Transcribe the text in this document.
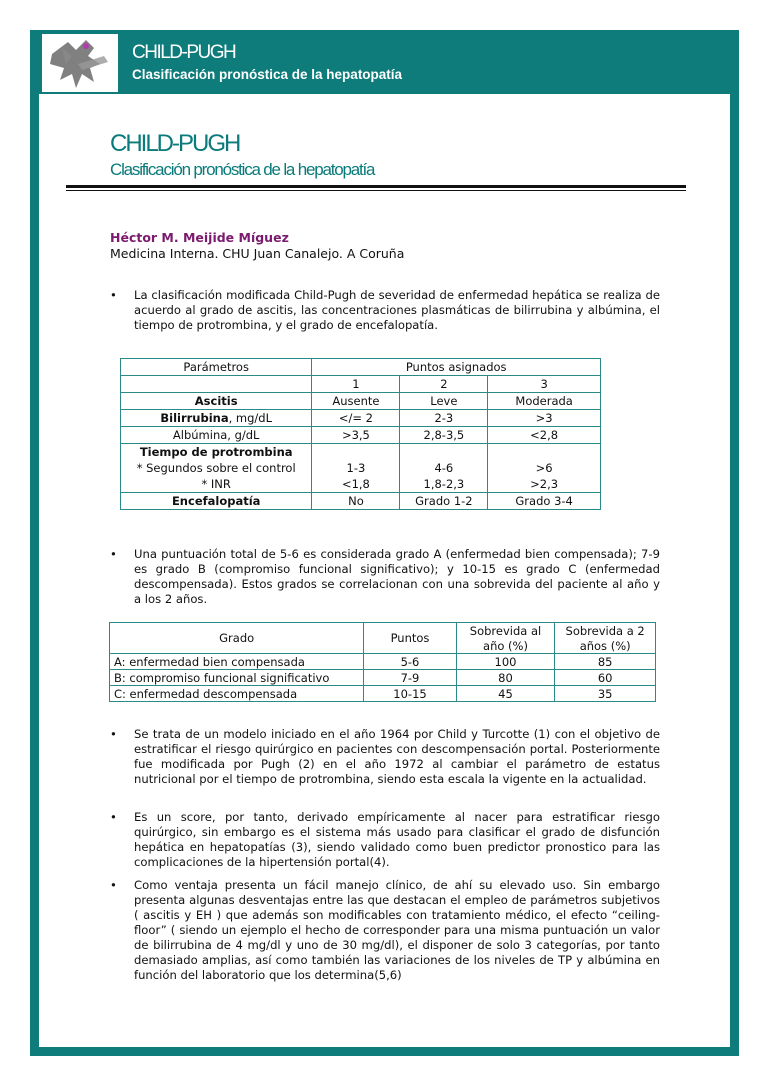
CHILD-PUGH
Clasificación pronóstica de la hepatopatía
CHILD-PUGH
Clasificación pronóstica de la hepatopatía
Héctor M. Meijide Míguez
Medicina Interna. CHU Juan Canalejo. A Coruña
• La clasificación modificada Child-Pugh de severidad de enfermedad hepática se realiza de acuerdo al grado de ascitis, las concentraciones plasmáticas de bilirrubina y albúmina, el tiempo de protrombina, y el grado de encefalopatía.
Parámetros	Puntos asignados		
	1	2	3
Ascitis	Ausente	Leve	Moderada
Bilirrubina, mg/dL	</= 2	2-3	>3
Albúmina, g/dL	>3,5	2,8-3,5	<2,8
Tiempo de protrombina			
* Segundos sobre el control	1-3	4-6	>6
* INR	<1,8	1,8-2,3	>2,3
Encefalopatía	No	Grado 1-2	Grado 3-4
• Una puntuación total de 5-6 es considerada grado A (enfermedad bien compensada); 7-9 es grado B (compromiso funcional significativo); y 10-15 es grado C (enfermedad descompensada). Estos grados se correlacionan con una sobrevida del paciente al año y a los 2 años.
Grado	Puntos	Sobrevida al	Sobrevida a 2
		año (%)	años (%)
A: enfermedad bien compensada	5-6	100	85
B: compromiso funcional significativo	7-9	80	60
C: enfermedad descompensada	10-15	45	35
• Se trata de un modelo iniciado en el año 1964 por Child y Turcotte (1) con el objetivo de estratificar el riesgo quirúrgico en pacientes con descompensación portal. Posteriormente fue modificada por Pugh (2) en el año 1972 al cambiar el parámetro de estatus nutricional por el tiempo de protrombina, siendo esta escala la vigente en la actualidad.
• Es un score, por tanto, derivado empíricamente al nacer para estratificar riesgo quirúrgico, sin embargo es el sistema más usado para clasificar el grado de disfunción hepática en hepatopatías (3), siendo validado como buen predictor pronostico para las complicaciones de la hipertensión portal(4).
• Como ventaja presenta un fácil manejo clínico, de ahí su elevado uso. Sin embargo presenta algunas desventajas entre las que destacan el empleo de parámetros subjetivos ( ascitis y EH ) que además son modificables con tratamiento médico, el efecto “ceiling-floor” ( siendo un ejemplo el hecho de corresponder para una misma puntuación un valor de bilirrubina de 4 mg/dl y uno de 30 mg/dl), el disponer de solo 3 categorías, por tanto demasiado amplias, así como también las variaciones de los niveles de TP y albúmina en función del laboratorio que los determina(5,6)
